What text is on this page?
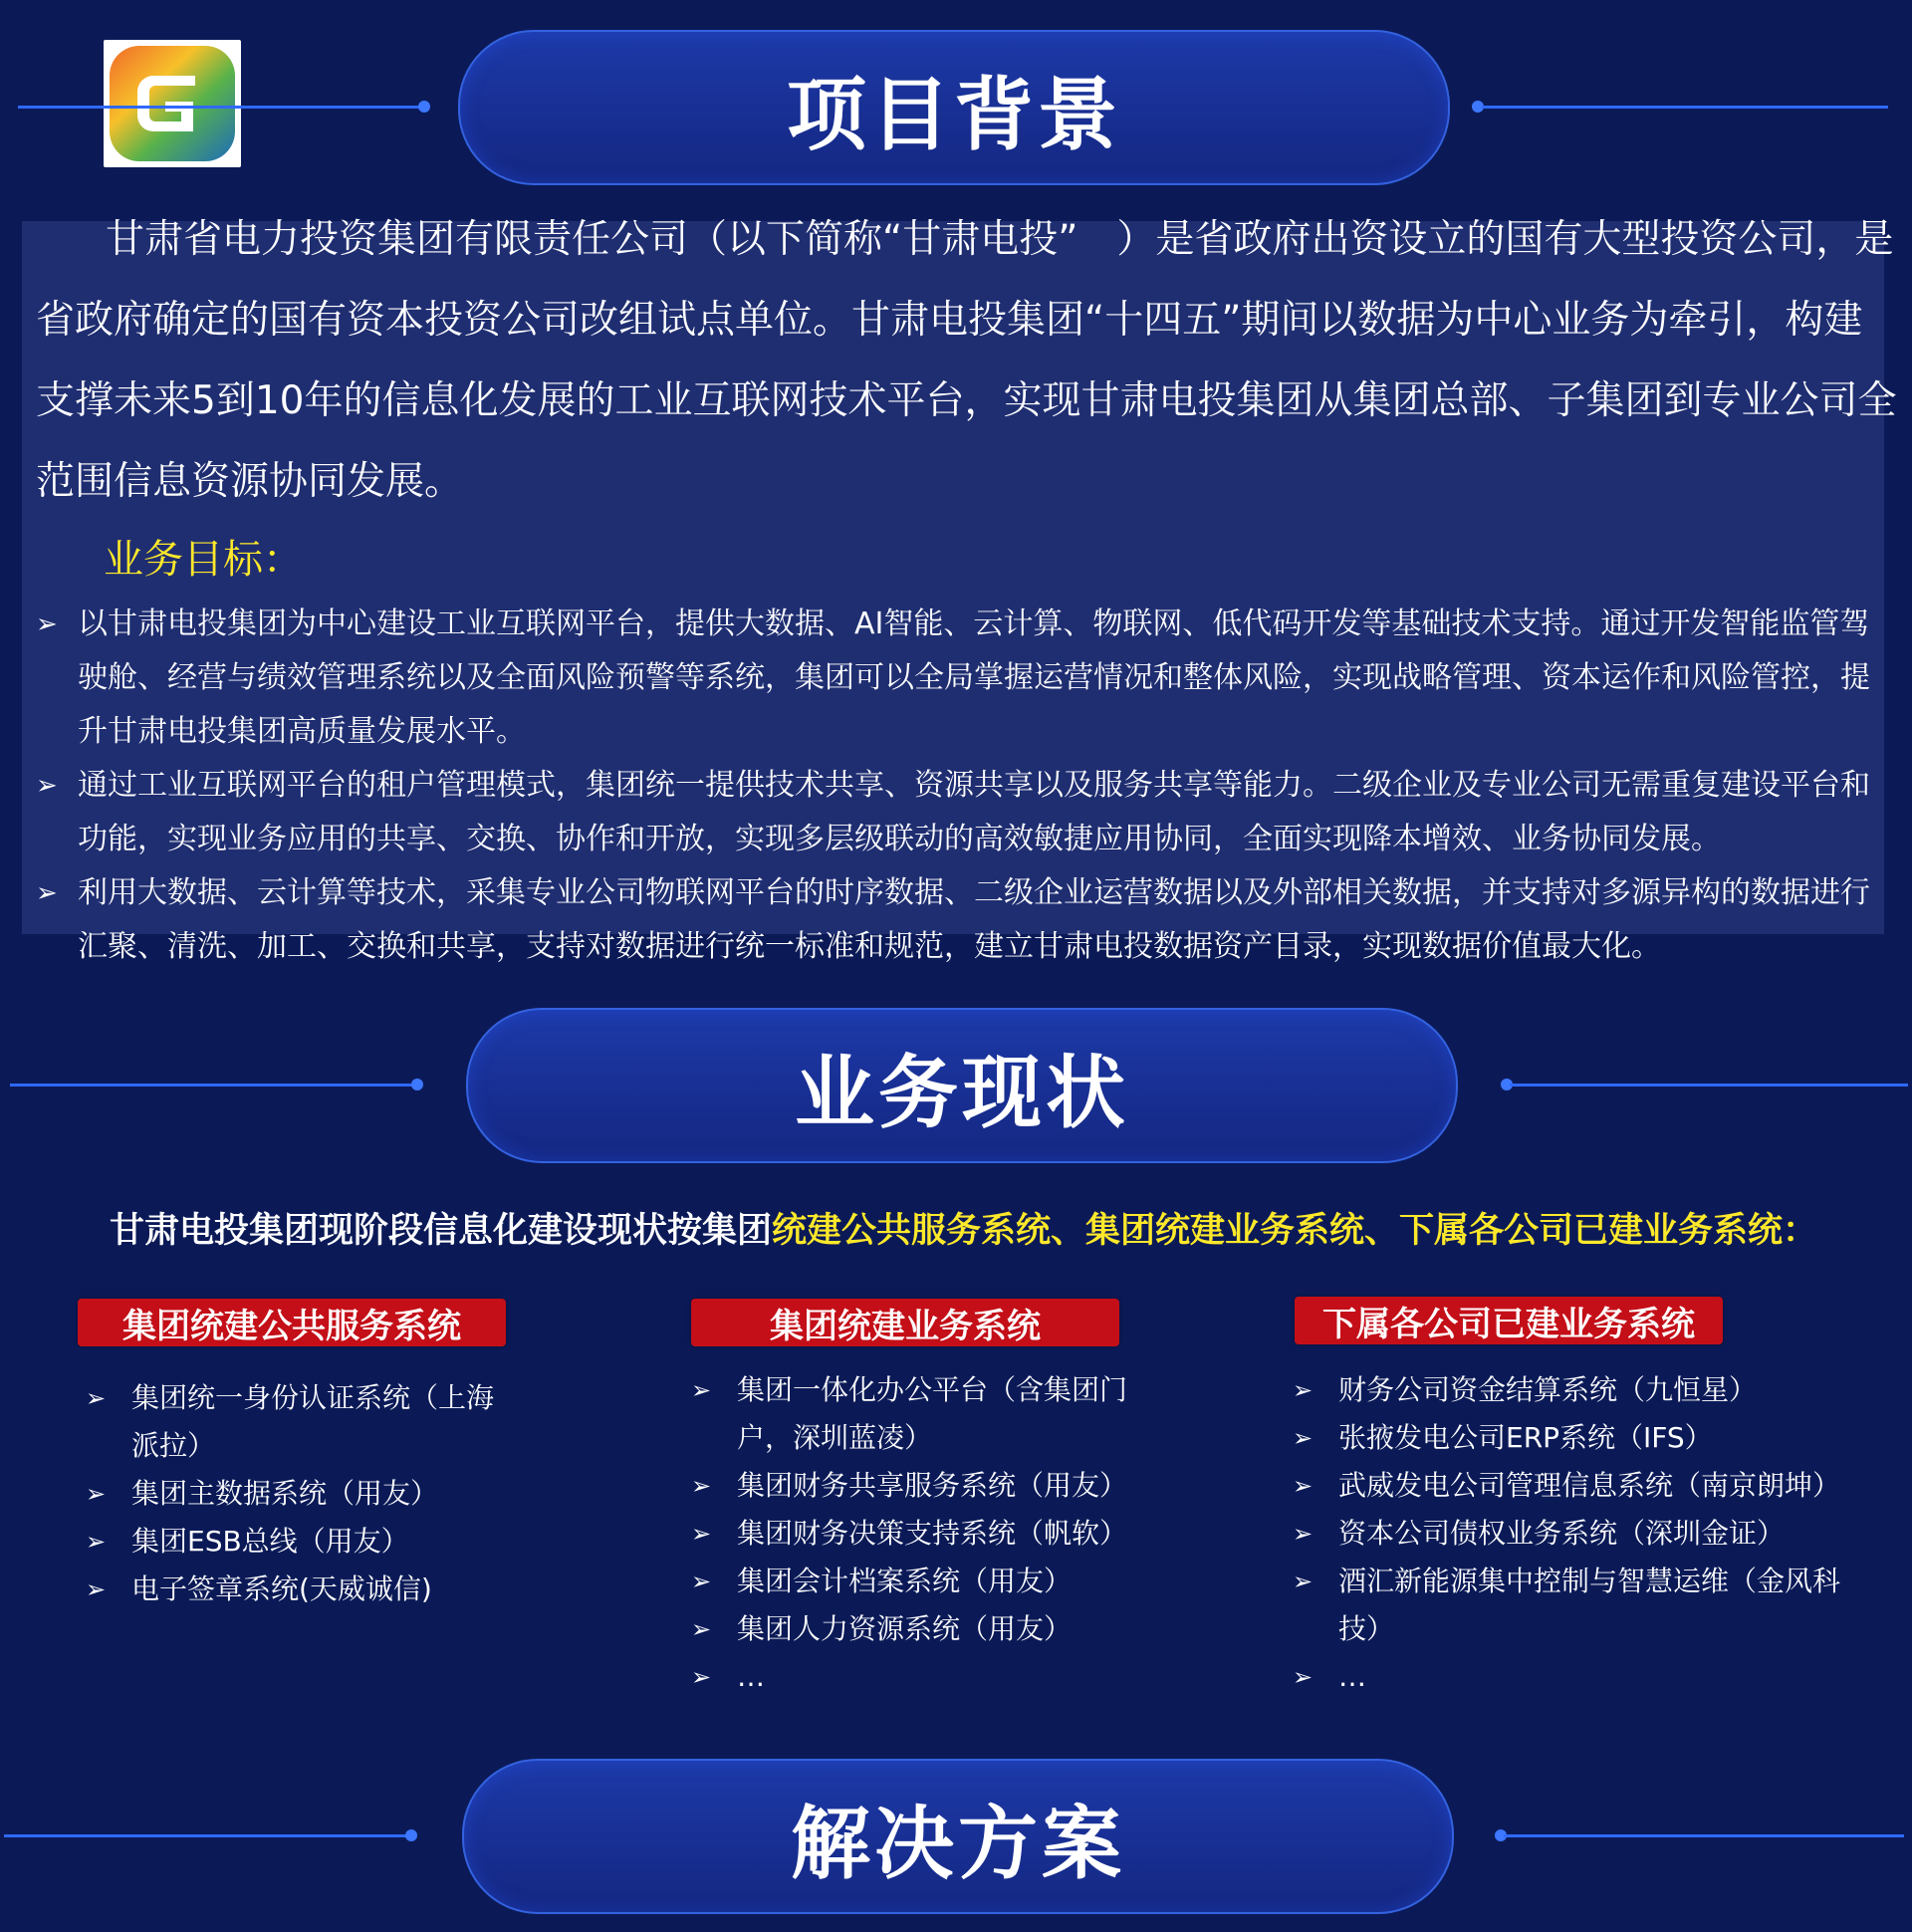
项目背景

甘肃省电力投资集团有限责任公司（以下简称“甘肃电投”　）是省政府出资设立的国有大型投资公司，是省政府确定的国有资本投资公司改组试点单位。甘肃电投集团“十四五”期间以数据为中心业务为牵引，构建支撑未来5到10年的信息化发展的工业互联网技术平台，实现甘肃电投集团从集团总部、子集团到专业公司全范围信息资源协同发展。

业务目标：
➢ 以甘肃电投集团为中心建设工业互联网平台，提供大数据、AI智能、云计算、物联网、低代码开发等基础技术支持。通过开发智能监管驾驶舱、经营与绩效管理系统以及全面风险预警等系统，集团可以全局掌握运营情况和整体风险，实现战略管理、资本运作和风险管控，提升甘肃电投集团高质量发展水平。
➢ 通过工业互联网平台的租户管理模式，集团统一提供技术共享、资源共享以及服务共享等能力。二级企业及专业公司无需重复建设平台和功能，实现业务应用的共享、交换、协作和开放，实现多层级联动的高效敏捷应用协同，全面实现降本增效、业务协同发展。
➢ 利用大数据、云计算等技术，采集专业公司物联网平台的时序数据、二级企业运营数据以及外部相关数据，并支持对多源异构的数据进行汇聚、清洗、加工、交换和共享，支持对数据进行统一标准和规范，建立甘肃电投数据资产目录，实现数据价值最大化。
业务现状
甘肃电投集团现阶段信息化建设现状按集团统建公共服务系统、集团统建业务系统、下属各公司已建业务系统：
集团统建公共服务系统
➢ 集团统一身份认证系统（上海派拉）
➢ 集团主数据系统（用友）
➢ 集团ESB总线（用友）
➢ 电子签章系统(天威诚信)
集团统建业务系统
➢ 集团一体化办公平台（含集团门户，深圳蓝凌）
➢ 集团财务共享服务系统（用友）
➢ 集团财务决策支持系统（帆软）
➢ 集团会计档案系统（用友）
➢ 集团人力资源系统（用友）
➢ …
下属各公司已建业务系统
➢ 财务公司资金结算系统（九恒星）
➢ 张掖发电公司ERP系统（IFS）
➢ 武威发电公司管理信息系统（南京朗坤）
➢ 资本公司债权业务系统（深圳金证）
➢ 酒汇新能源集中控制与智慧运维（金风科技）
➢ …
解决方案
